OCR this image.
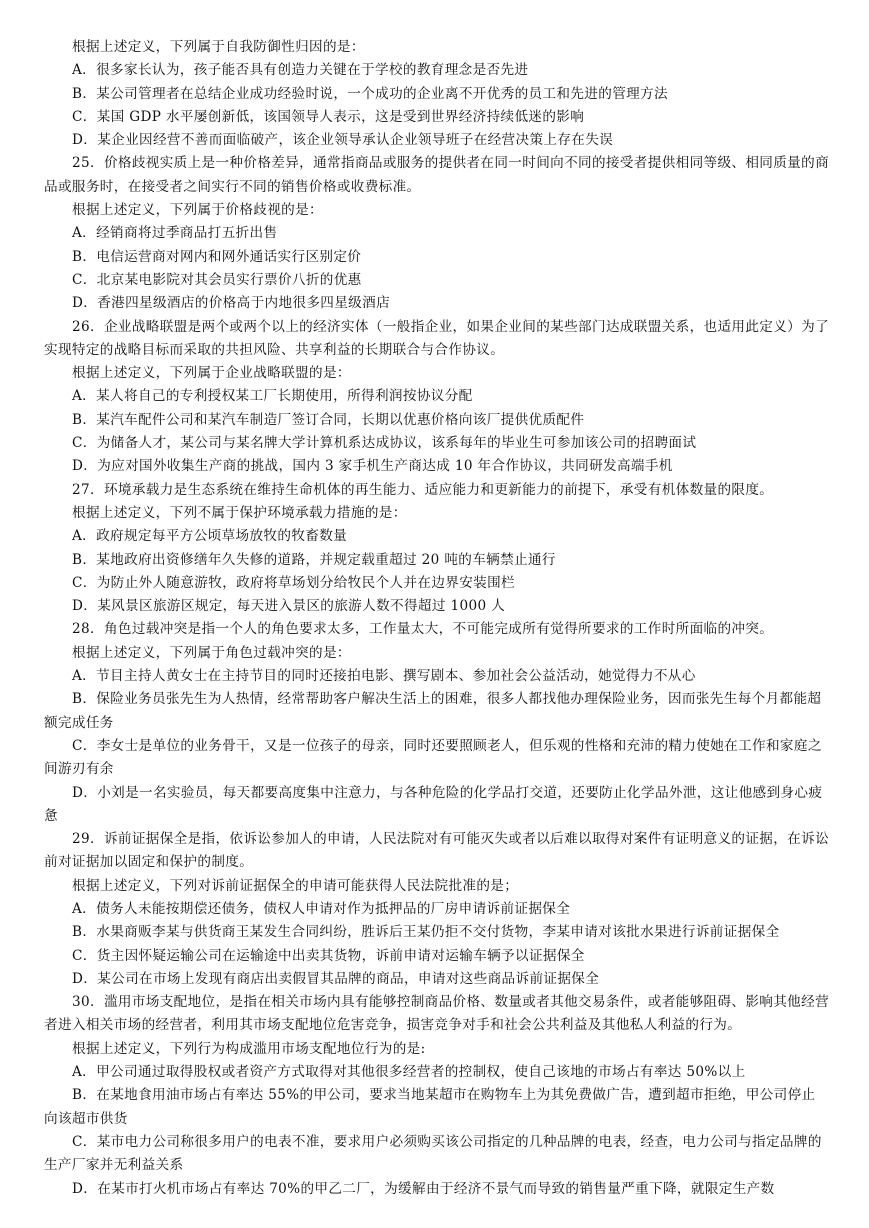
根据上述定义，下列属于自我防御性归因的是：

A．很多家长认为，孩子能否具有创造力关键在于学校的教育理念是否先进

B．某公司管理者在总结企业成功经验时说，一个成功的企业离不开优秀的员工和先进的管理方法

C．某国 GDP 水平屡创新低，该国领导人表示，这是受到世界经济持续低迷的影响

D．某企业因经营不善而面临破产，该企业领导承认企业领导班子在经营决策上存在失误

25．价格歧视实质上是一种价格差异，通常指商品或服务的提供者在同一时间向不同的接受者提供相同等级、相同质量的商品或服务时，在接受者之间实行不同的销售价格或收费标准。

根据上述定义，下列属于价格歧视的是：

A．经销商将过季商品打五折出售

B．电信运营商对网内和网外通话实行区别定价

C．北京某电影院对其会员实行票价八折的优惠

D．香港四星级酒店的价格高于内地很多四星级酒店

26．企业战略联盟是两个或两个以上的经济实体（一般指企业，如果企业间的某些部门达成联盟关系，也适用此定义）为了实现特定的战略目标而采取的共担风险、共享利益的长期联合与合作协议。

根据上述定义，下列属于企业战略联盟的是：

A．某人将自己的专利授权某工厂长期使用，所得利润按协议分配

B．某汽车配件公司和某汽车制造厂签订合同，长期以优惠价格向该厂提供优质配件

C．为储备人才，某公司与某名牌大学计算机系达成协议，该系每年的毕业生可参加该公司的招聘面试

D．为应对国外收集生产商的挑战，国内 3 家手机生产商达成 10 年合作协议，共同研发高端手机

27．环境承载力是生态系统在维持生命机体的再生能力、适应能力和更新能力的前提下，承受有机体数量的限度。

根据上述定义，下列不属于保护环境承载力措施的是：

A．政府规定每平方公顷草场放牧的牧畜数量

B．某地政府出资修缮年久失修的道路，并规定载重超过 20 吨的车辆禁止通行

C．为防止外人随意游牧，政府将草场划分给牧民个人并在边界安装围栏

D．某风景区旅游区规定，每天进入景区的旅游人数不得超过 1000 人

28．角色过载冲突是指一个人的角色要求太多，工作量太大，不可能完成所有觉得所要求的工作时所面临的冲突。

根据上述定义，下列属于角色过载冲突的是：

A．节目主持人黄女士在主持节目的同时还接拍电影、撰写剧本、参加社会公益活动，她觉得力不从心

B．保险业务员张先生为人热情，经常帮助客户解决生活上的困难，很多人都找他办理保险业务，因而张先生每个月都能超额完成任务

C．李女士是单位的业务骨干，又是一位孩子的母亲，同时还要照顾老人，但乐观的性格和充沛的精力使她在工作和家庭之间游刃有余

D．小刘是一名实验员，每天都要高度集中注意力，与各种危险的化学品打交道，还要防止化学品外泄，这让他感到身心疲惫

29．诉前证据保全是指，依诉讼参加人的申请，人民法院对有可能灭失或者以后难以取得对案件有证明意义的证据，在诉讼前对证据加以固定和保护的制度。

根据上述定义，下列对诉前证据保全的申请可能获得人民法院批准的是；

A．债务人未能按期偿还债务，债权人申请对作为抵押品的厂房申请诉前证据保全

B．水果商贩李某与供货商王某发生合同纠纷，胜诉后王某仍拒不交付货物，李某申请对该批水果进行诉前证据保全

C．货主因怀疑运输公司在运输途中出卖其货物，诉前申请对运输车辆予以证据保全

D．某公司在市场上发现有商店出卖假冒其品牌的商品，申请对这些商品诉前证据保全

30．滥用市场支配地位，是指在相关市场内具有能够控制商品价格、数量或者其他交易条件，或者能够阻碍、影响其他经营者进入相关市场的经营者，利用其市场支配地位危害竞争，损害竞争对手和社会公共利益及其他私人利益的行为。

根据上述定义，下列行为构成滥用市场支配地位行为的是:

A．甲公司通过取得股权或者资产方式取得对其他很多经营者的控制权，使自己该地的市场占有率达 50%以上

B．在某地食用油市场占有率达 55%的甲公司，要求当地某超市在购物车上为其免费做广告，遭到超市拒绝，甲公司停止向该超市供货

C．某市电力公司称很多用户的电表不准，要求用户必须购买该公司指定的几种品牌的电表，经查，电力公司与指定品牌的生产厂家并无利益关系

D．在某市打火机市场占有率达 70%的甲乙二厂，为缓解由于经济不景气而导致的销售量严重下降，就限定生产数
